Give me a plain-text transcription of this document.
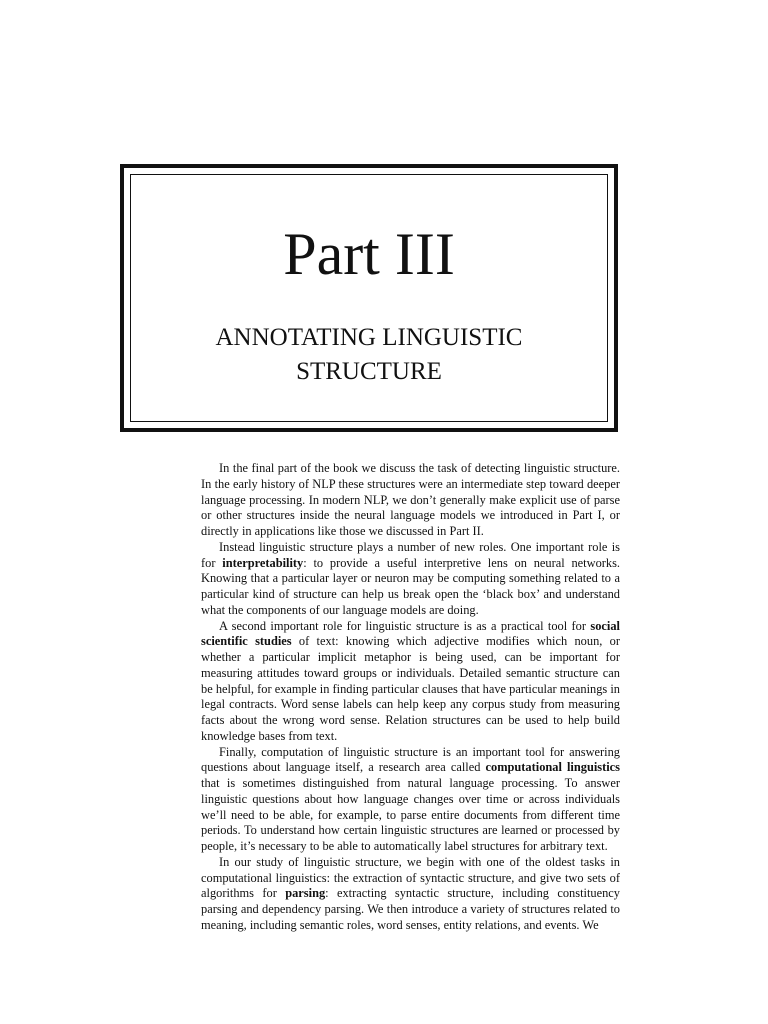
Part III
ANNOTATING LINGUISTIC
STRUCTURE

In the final part of the book we discuss the task of detecting linguistic structure. In the early history of NLP these structures were an intermediate step toward deeper language processing. In modern NLP, we don’t generally make explicit use of parse or other structures inside the neural language models we introduced in Part I, or directly in applications like those we discussed in Part II.

Instead linguistic structure plays a number of new roles. One important role is for interpretability: to provide a useful interpretive lens on neural networks. Knowing that a particular layer or neuron may be computing something related to a particular kind of structure can help us break open the ‘black box’ and understand what the components of our language models are doing.

A second important role for linguistic structure is as a practical tool for social scientific studies of text: knowing which adjective modifies which noun, or whether a particular implicit metaphor is being used, can be important for measuring attitudes toward groups or individuals. Detailed semantic structure can be helpful, for example in finding particular clauses that have particular meanings in legal contracts. Word sense labels can help keep any corpus study from measuring facts about the wrong word sense. Relation structures can be used to help build knowledge bases from text.

Finally, computation of linguistic structure is an important tool for answering questions about language itself, a research area called computational linguistics that is sometimes distinguished from natural language processing. To answer linguistic questions about how language changes over time or across individuals we’ll need to be able, for example, to parse entire documents from different time periods. To understand how certain linguistic structures are learned or processed by people, it’s necessary to be able to automatically label structures for arbitrary text.

In our study of linguistic structure, we begin with one of the oldest tasks in computational linguistics: the extraction of syntactic structure, and give two sets of algorithms for parsing: extracting syntactic structure, including constituency parsing and dependency parsing. We then introduce a variety of structures related to meaning, including semantic roles, word senses, entity relations, and events. We
